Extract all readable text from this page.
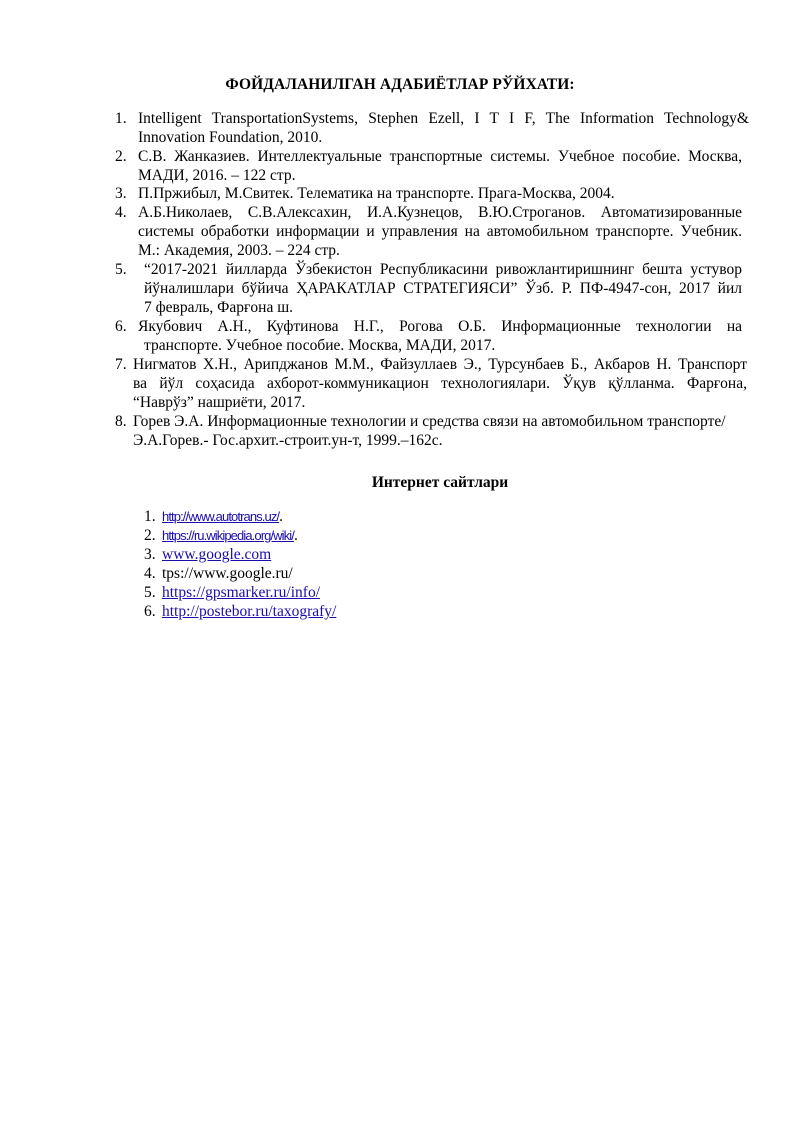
ФОЙДАЛАНИЛГАН АДАБИЁТЛАР РЎЙХАТИ:
1. Intelligent TransportationSystems, Stephen Ezell, I T I F, The Information Technology&
Innovation Foundation, 2010.
2. С.В. Жанказиев. Интеллектуальные транспортные системы. Учебное пособие. Москва,
МАДИ, 2016. – 122 стр.
3. П.Пржибыл, М.Свитек. Телематика на транспорте. Прага-Москва, 2004.
4. А.Б.Николаев, С.В.Алексахин, И.А.Кузнецов, В.Ю.Строганов. Автоматизированные
системы обработки информации и управления на автомобильном транспорте. Учебник.
М.: Академия, 2003. – 224 стр.
5. “2017-2021 йилларда Ўзбекистон Республикасини ривожлантиришнинг бешта устувор
йўналишлари бўйича ҲАРАКАТЛАР СТРАТЕГИЯСИ” Ўзб. Р. ПФ-4947-сон, 2017 йил
7 февраль, Фарғона ш.
6. Якубович А.Н., Куфтинова Н.Г., Рогова О.Б. Информационные технологии на
транспорте. Учебное пособие. Москва, МАДИ, 2017.
7. Нигматов Х.Н., Арипджанов М.М., Файзуллаев Э., Турсунбаев Б., Акбаров Н. Транспорт
ва йўл соҳасида ахборот-коммуникацион технологиялари. Ўқув қўлланма. Фарғона,
“Наврўз” нашриёти, 2017.
8. Горев Э.А. Информационные технологии и средства связи на автомобильном транспорте/
Э.А.Горев.- Гос.архит.-строит.ун-т, 1999.–162с.
Интернет сайтлари
1. http://www.autotrans.uz/.
2. https://ru.wikipedia.org/wiki/.
3. www.google.com
4. tps://www.google.ru/
5. https://gpsmarker.ru/info/
6. http://postebor.ru/taxografy/
